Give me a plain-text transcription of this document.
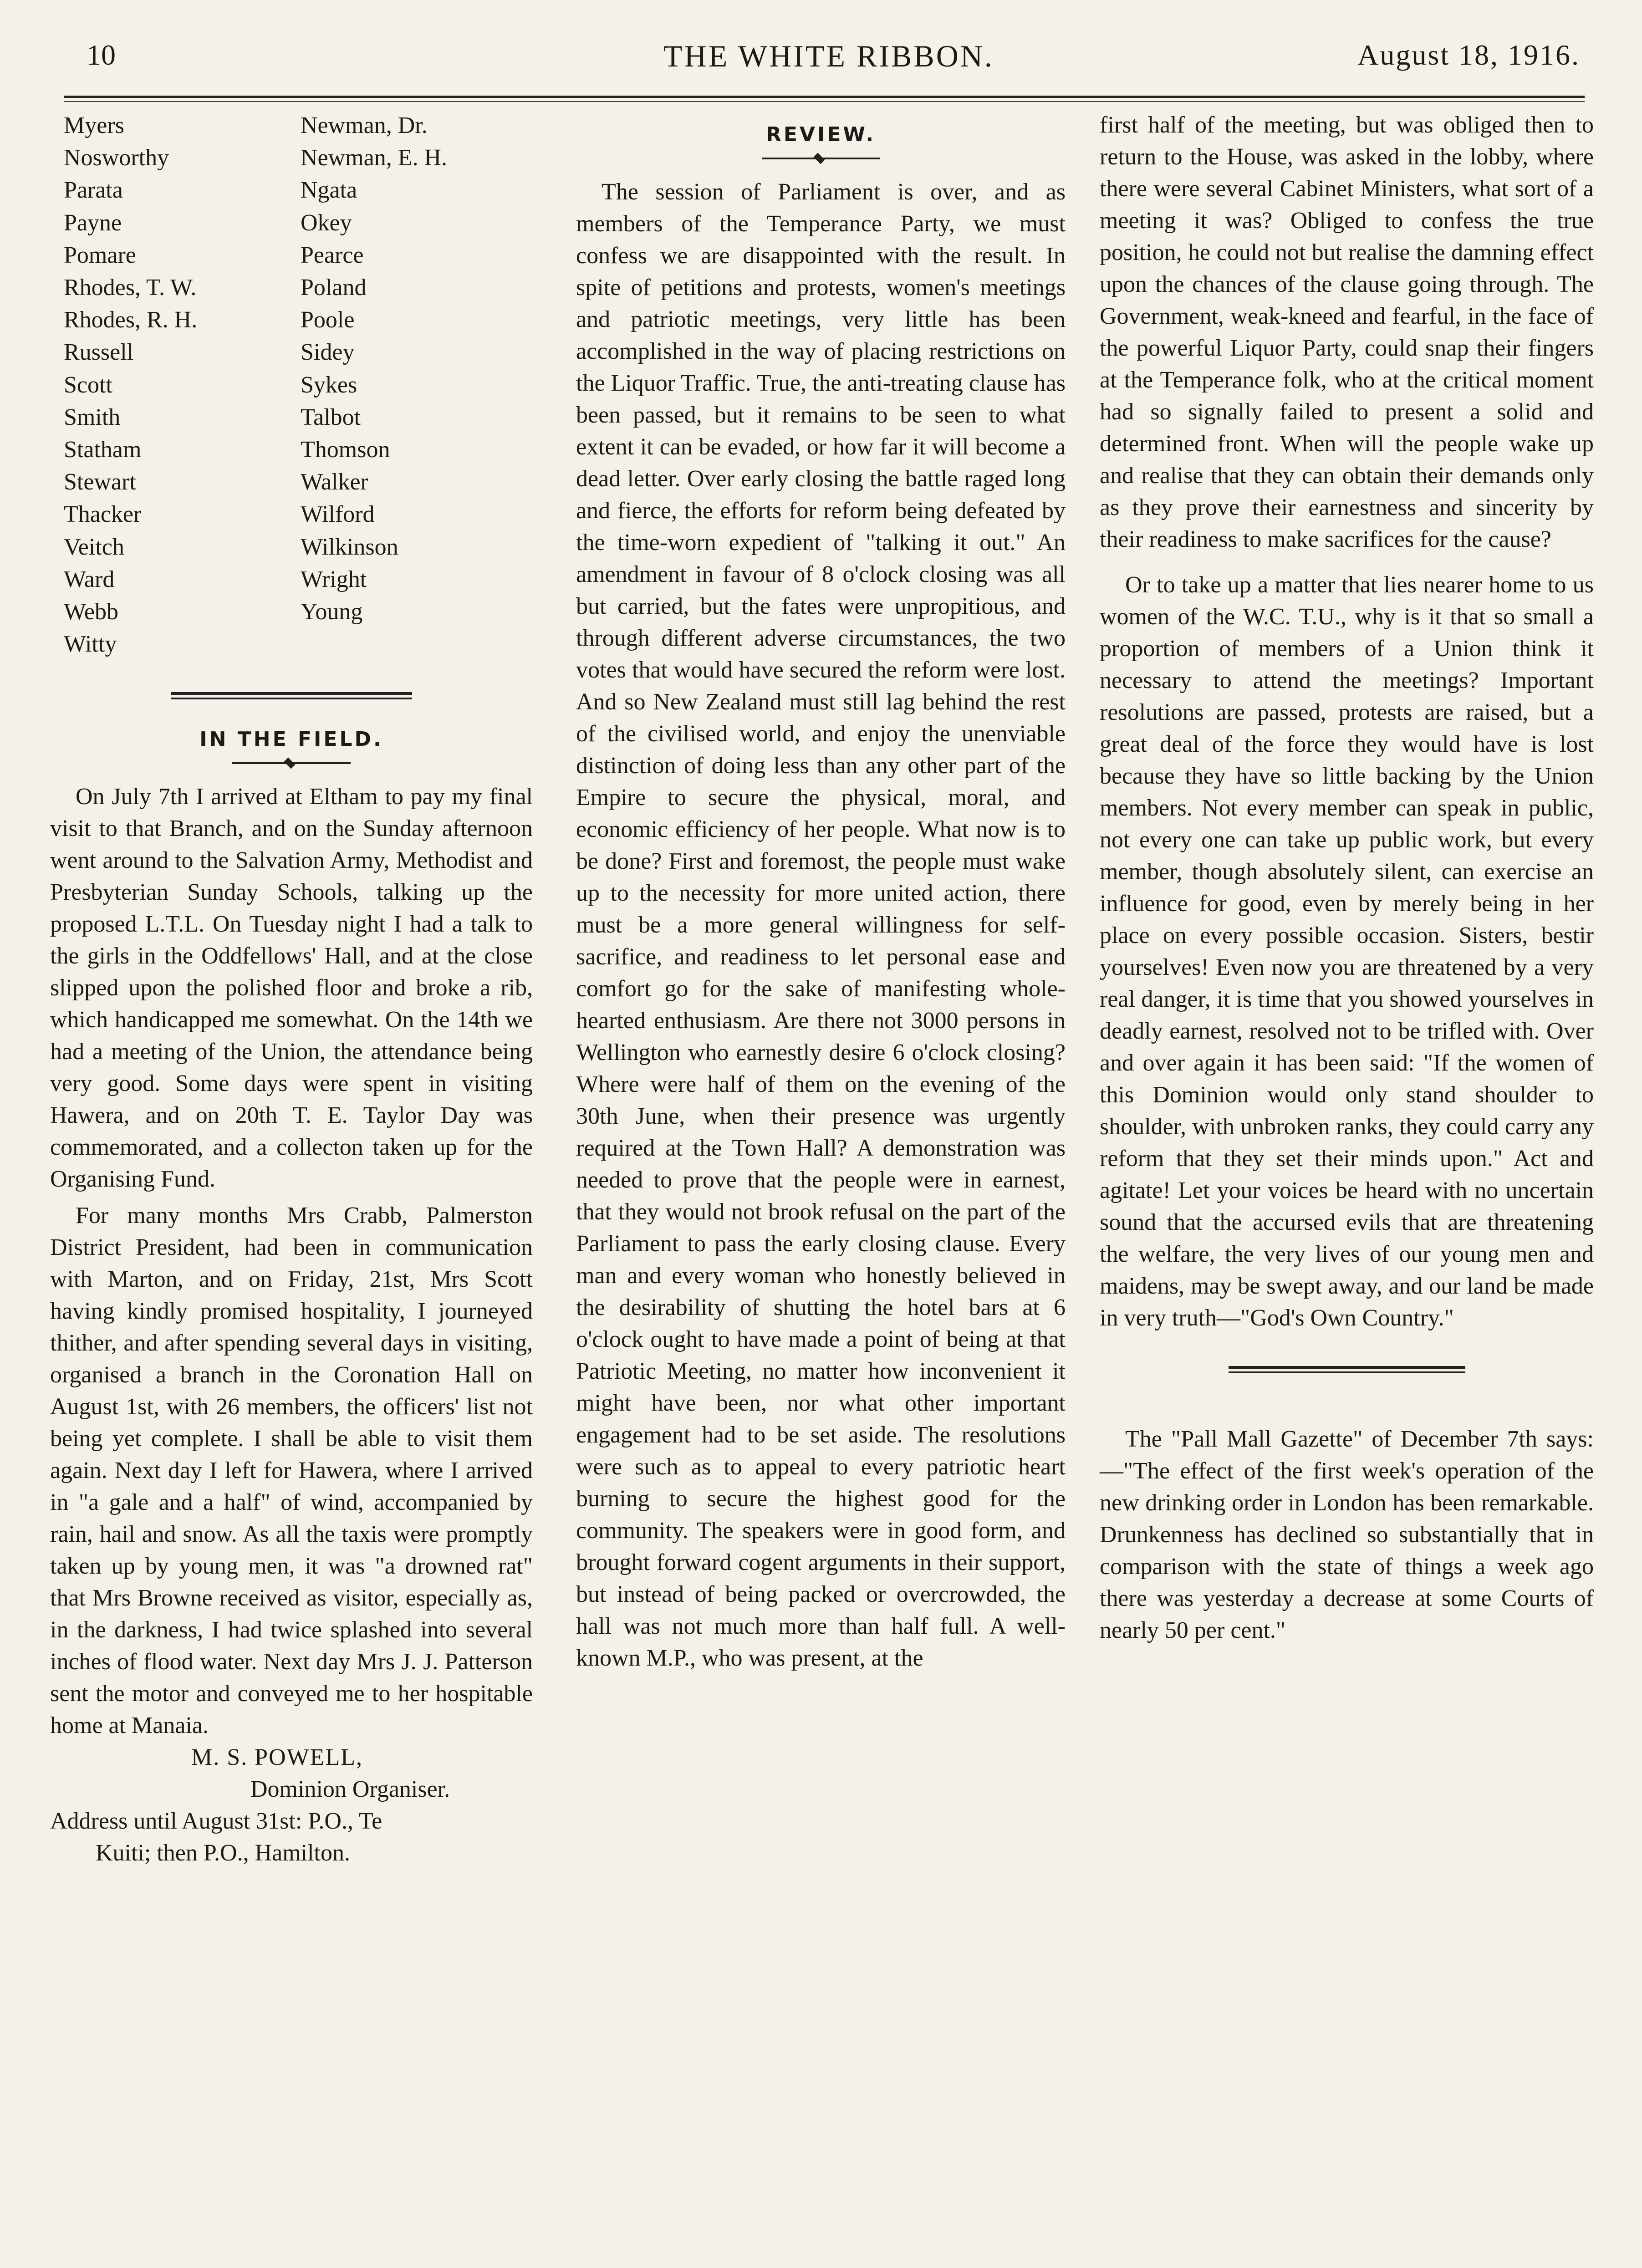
10	THE WHITE RIBBON.	August 18, 1916.
Myers
Nosworthy
Parata
Payne
Pomare
Rhodes, T. W.
Rhodes, R. H.
Russell
Scott
Smith
Statham
Stewart
Thacker
Veitch
Ward
Webb
Witty
Newman, Dr.
Newman, E. H.
Ngata
Okey
Pearce
Poland
Poole
Sidey
Sykes
Talbot
Thomson
Walker
Wilford
Wilkinson
Wright
Young
IN THE FIELD.

On July 7th I arrived at Eltham to pay my final visit to that Branch, and on the Sunday afternoon went around to the Salvation Army, Methodist and Presbyterian Sunday Schools, talking up the proposed L.T.L. On Tuesday night I had a talk to the girls in the Oddfellows' Hall, and at the close slipped upon the polished floor and broke a rib, which handicapped me somewhat. On the 14th we had a meeting of the Union, the attendance being very good. Some days were spent in visiting Hawera, and on 20th T. E. Taylor Day was commemorated, and a collecton taken up for the Organising Fund.

For many months Mrs Crabb, Palmerston District President, had been in communication with Marton, and on Friday, 21st, Mrs Scott having kindly promised hospitality, I journeyed thither, and after spending several days in visiting, organised a branch in the Coronation Hall on August 1st, with 26 members, the officers' list not being yet complete. I shall be able to visit them again. Next day I left for Hawera, where I arrived in "a gale and a half" of wind, accompanied by rain, hail and snow. As all the taxis were promptly taken up by young men, it was "a drowned rat" that Mrs Browne received as visitor, especially as, in the darkness, I had twice splashed into several inches of flood water. Next day Mrs J. J. Patterson sent the motor and conveyed me to her hospitable home at Manaia.

M. S. POWELL,

Dominion Organiser.

Address until August 31st: P.O., Te

Kuiti; then P.O., Hamilton.

REVIEW.

The session of Parliament is over, and as members of the Temperance Party, we must confess we are disappointed with the result. In spite of petitions and protests, women's meetings and patriotic meetings, very little has been accomplished in the way of placing restrictions on the Liquor Traffic. True, the anti-treating clause has been passed, but it remains to be seen to what extent it can be evaded, or how far it will become a dead letter. Over early closing the battle raged long and fierce, the efforts for reform being defeated by the time-worn expedient of "talking it out." An amendment in favour of 8 o'clock closing was all but carried, but the fates were unpropitious, and through different adverse circumstances, the two votes that would have secured the reform were lost. And so New Zealand must still lag behind the rest of the civilised world, and enjoy the unenviable distinction of doing less than any other part of the Empire to secure the physical, moral, and economic efficiency of her people. What now is to be done? First and foremost, the people must wake up to the necessity for more united action, there must be a more general willingness for self-sacrifice, and readiness to let personal ease and comfort go for the sake of manifesting whole-hearted enthusiasm. Are there not 3000 persons in Wellington who earnestly desire 6 o'clock closing? Where were half of them on the evening of the 30th June, when their presence was urgently required at the Town Hall? A demonstration was needed to prove that the people were in earnest, that they would not brook refusal on the part of the Parliament to pass the early closing clause. Every man and every woman who honestly believed in the desirability of shutting the hotel bars at 6 o'clock ought to have made a point of being at that Patriotic Meeting, no matter how inconvenient it might have been, nor what other important engagement had to be set aside. The resolutions were such as to appeal to every patriotic heart burning to secure the highest good for the community. The speakers were in good form, and brought forward cogent arguments in their support, but instead of being packed or overcrowded, the hall was not much more than half full. A well-known M.P., who was present, at the

first half of the meeting, but was obliged then to return to the House, was asked in the lobby, where there were several Cabinet Ministers, what sort of a meeting it was? Obliged to confess the true position, he could not but realise the damning effect upon the chances of the clause going through. The Government, weak-kneed and fearful, in the face of the powerful Liquor Party, could snap their fingers at the Temperance folk, who at the critical moment had so signally failed to present a solid and determined front. When will the people wake up and realise that they can obtain their demands only as they prove their earnestness and sincerity by their readiness to make sacrifices for the cause?

Or to take up a matter that lies nearer home to us women of the W.C. T.U., why is it that so small a proportion of members of a Union think it necessary to attend the meetings? Important resolutions are passed, protests are raised, but a great deal of the force they would have is lost because they have so little backing by the Union members. Not every member can speak in public, not every one can take up public work, but every member, though absolutely silent, can exercise an influence for good, even by merely being in her place on every possible occasion. Sisters, bestir yourselves! Even now you are threatened by a very real danger, it is time that you showed yourselves in deadly earnest, resolved not to be trifled with. Over and over again it has been said: "If the women of this Dominion would only stand shoulder to shoulder, with unbroken ranks, they could carry any reform that they set their minds upon." Act and agitate! Let your voices be heard with no uncertain sound that the accursed evils that are threatening the welfare, the very lives of our young men and maidens, may be swept away, and our land be made in very truth—"God's Own Country."

The "Pall Mall Gazette" of December 7th says:—"The effect of the first week's operation of the new drinking order in London has been remarkable. Drunkenness has declined so substantially that in comparison with the state of things a week ago there was yesterday a decrease at some Courts of nearly 50 per cent."
